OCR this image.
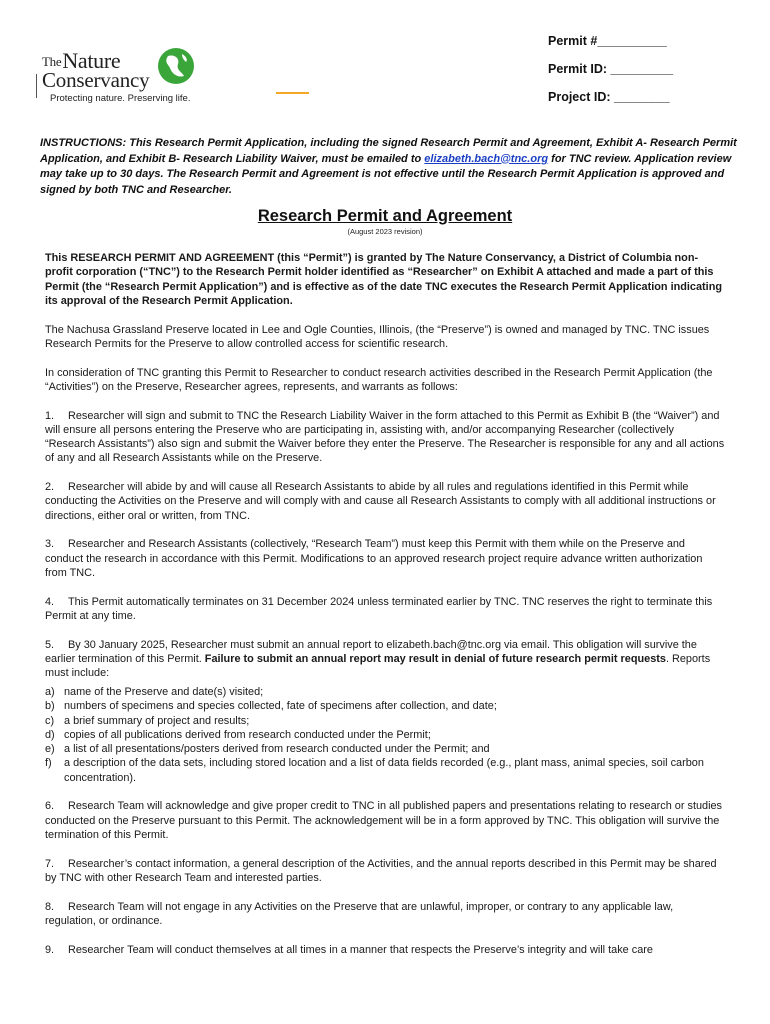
TheNature
Conservancy
Protecting nature. Preserving life.
Permit #__________
Permit ID: _________
Project ID: ________
INSTRUCTIONS: This Research Permit Application, including the signed Research Permit and Agreement, Exhibit A- Research Permit Application, and Exhibit B- Research Liability Waiver, must be emailed to elizabeth.bach@tnc.org for TNC review. Application review may take up to 30 days. The Research Permit and Agreement is not effective until the Research Permit Application is approved and signed by both TNC and Researcher.
Research Permit and Agreement
(August 2023 revision)

This RESEARCH PERMIT AND AGREEMENT (this “Permit”) is granted by The Nature Conservancy, a District of Columbia non-profit corporation (“TNC”) to the Research Permit holder identified as “Researcher” on Exhibit A attached and made a part of this Permit (the “Research Permit Application”) and is effective as of the date TNC executes the Research Permit Application indicating its approval of the Research Permit Application.

The Nachusa Grassland Preserve located in Lee and Ogle Counties, Illinois, (the “Preserve”) is owned and managed by TNC. TNC issues Research Permits for the Preserve to allow controlled access for scientific research.

In consideration of TNC granting this Permit to Researcher to conduct research activities described in the Research Permit Application (the “Activities”) on the Preserve, Researcher agrees, represents, and warrants as follows:

1. Researcher will sign and submit to TNC the Research Liability Waiver in the form attached to this Permit as Exhibit B (the “Waiver”) and will ensure all persons entering the Preserve who are participating in, assisting with, and/or accompanying Researcher (collectively “Research Assistants”) also sign and submit the Waiver before they enter the Preserve. The Researcher is responsible for any and all actions of any and all Research Assistants while on the Preserve.

2. Researcher will abide by and will cause all Research Assistants to abide by all rules and regulations identified in this Permit while conducting the Activities on the Preserve and will comply with and cause all Research Assistants to comply with all additional instructions or directions, either oral or written, from TNC.

3. Researcher and Research Assistants (collectively, “Research Team”) must keep this Permit with them while on the Preserve and conduct the research in accordance with this Permit. Modifications to an approved research project require advance written authorization from TNC.

4. This Permit automatically terminates on 31 December 2024 unless terminated earlier by TNC. TNC reserves the right to terminate this Permit at any time.

5. By 30 January 2025, Researcher must submit an annual report to elizabeth.bach@tnc.org via email. This obligation will survive the earlier termination of this Permit. Failure to submit an annual report may result in denial of future research permit requests. Reports must include:

a) name of the Preserve and date(s) visited;
b) numbers of specimens and species collected, fate of specimens after collection, and date;
c) a brief summary of project and results;
d) copies of all publications derived from research conducted under the Permit;
e) a list of all presentations/posters derived from research conducted under the Permit; and
f)	a description of the data sets, including stored location and a list of data fields recorded (e.g., plant mass, animal species, soil carbon concentration).

6. Research Team will acknowledge and give proper credit to TNC in all published papers and presentations relating to research or studies conducted on the Preserve pursuant to this Permit. The acknowledgement will be in a form approved by TNC. This obligation will survive the termination of this Permit.

7. Researcher’s contact information, a general description of the Activities, and the annual reports described in this Permit may be shared by TNC with other Research Team and interested parties.

8. Research Team will not engage in any Activities on the Preserve that are unlawful, improper, or contrary to any applicable law, regulation, or ordinance.

9. Researcher Team will conduct themselves at all times in a manner that respects the Preserve’s integrity and will take care
